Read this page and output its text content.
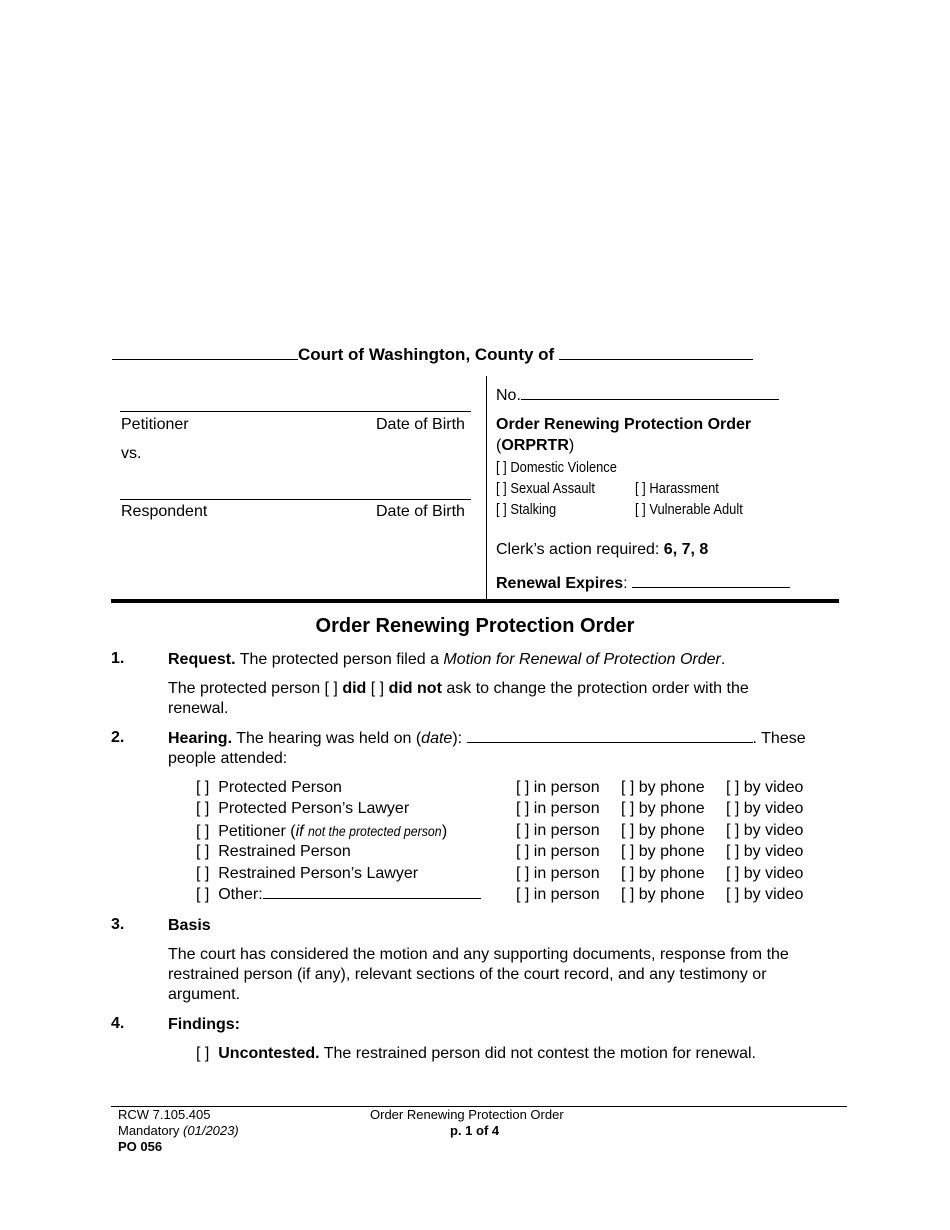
Court of Washington, County of
Petitioner	Date of Birth
vs.
Respondent	Date of Birth
No.
Order Renewing Protection Order
(ORPRTR)
[ ] Domestic Violence
[ ] Sexual Assault	[ ] Harassment
[ ] Stalking	[ ] Vulnerable Adult
Clerk’s action required: 6, 7, 8
Renewal Expires:
Order Renewing Protection Order
1.	Request. The protected person filed a Motion for Renewal of Protection Order.
The protected person [ ] did [ ] did not ask to change the protection order with the
renewal.
2.	Hearing. The hearing was held on (date):	. These
people attended:
[ ] Protected Person	[ ] in person [ ] by phone [ ] by video
[ ] Protected Person’s Lawyer	[ ] in person [ ] by phone [ ] by video
[ ] Petitioner (if not the protected person)	[ ] in person [ ] by phone [ ] by video
[ ] Restrained Person	[ ] in person [ ] by phone [ ] by video
[ ] Restrained Person’s Lawyer	[ ] in person [ ] by phone [ ] by video
[ ] Other:	[ ] in person [ ] by phone [ ] by video
3.	Basis
The court has considered the motion and any supporting documents, response from the
restrained person (if any), relevant sections of the court record, and any testimony or
argument.
4.	Findings:
[ ] Uncontested. The restrained person did not contest the motion for renewal.
RCW 7.105.405
Mandatory (01/2023)
PO 056
Order Renewing Protection Order
p. 1 of 4
